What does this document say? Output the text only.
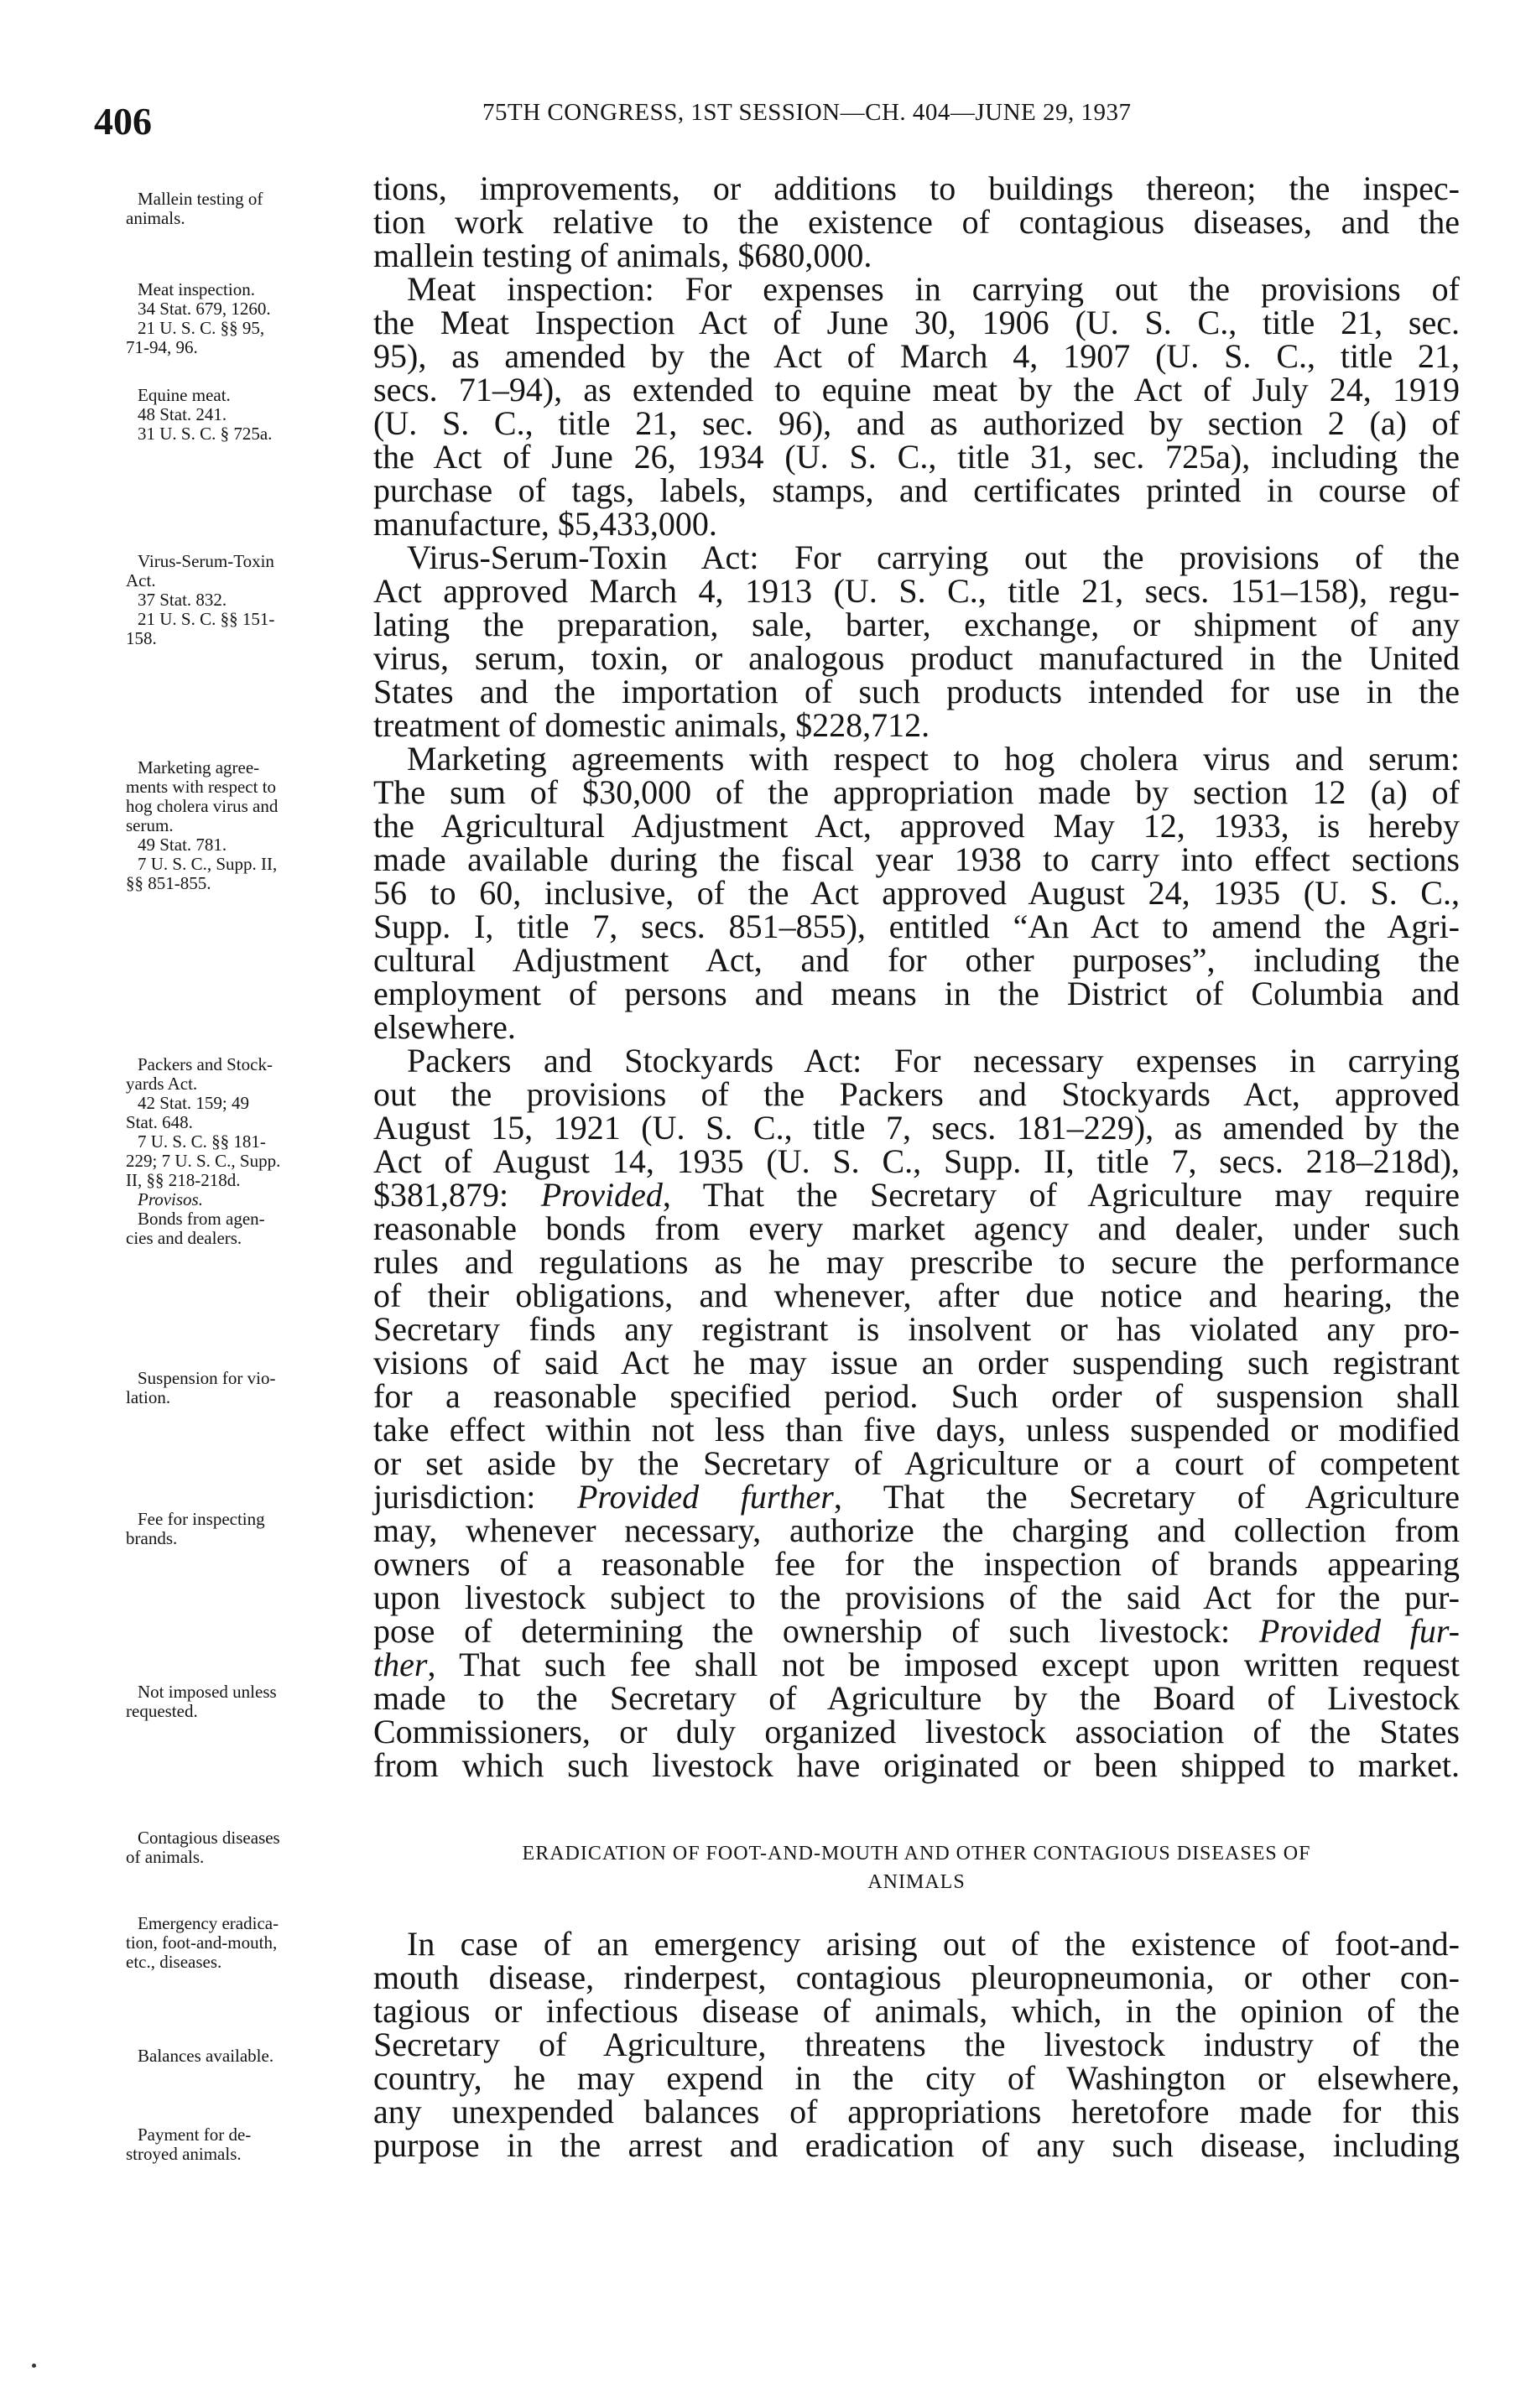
406	75TH CONGRESS, 1ST SESSION—CH. 404—JUNE 29, 1937
Mallein testing of
animals.
Meat inspection.
34 Stat. 679, 1260.
21 U. S. C. §§ 95,
71-94, 96.
Equine meat.
48 Stat. 241.
31 U. S. C. § 725a.
Virus-Serum-Toxin
Act.
37 Stat. 832.
21 U. S. C. §§ 151-
158.
Marketing agree-
ments with respect to
hog cholera virus and
serum.
49 Stat. 781.
7 U. S. C., Supp. II,
§§ 851-855.
Packers and Stock-
yards Act.
42 Stat. 159; 49
Stat. 648.
7 U. S. C. §§ 181-
229; 7 U. S. C., Supp.
II, §§ 218-218d.
Provisos.
Bonds from agen-
cies and dealers.
Suspension for vio-
lation.
Fee for inspecting
brands.
Not imposed unless
requested.
Contagious diseases
of animals.
Emergency eradica-
tion, foot-and-mouth,
etc., diseases.
Balances available.
Payment for de-
stroyed animals.
tions, improvements, or additions to buildings thereon; the inspec-
tion work relative to the existence of contagious diseases, and the
mallein testing of animals, $680,000.
Meat inspection: For expenses in carrying out the provisions of
the Meat Inspection Act of June 30, 1906 (U. S. C., title 21, sec.
95), as amended by the Act of March 4, 1907 (U. S. C., title 21,
secs. 71–94), as extended to equine meat by the Act of July 24, 1919
(U. S. C., title 21, sec. 96), and as authorized by section 2 (a) of
the Act of June 26, 1934 (U. S. C., title 31, sec. 725a), including the
purchase of tags, labels, stamps, and certificates printed in course of
manufacture, $5,433,000.
Virus-Serum-Toxin Act: For carrying out the provisions of the
Act approved March 4, 1913 (U. S. C., title 21, secs. 151–158), regu-
lating the preparation, sale, barter, exchange, or shipment of any
virus, serum, toxin, or analogous product manufactured in the United
States and the importation of such products intended for use in the
treatment of domestic animals, $228,712.
Marketing agreements with respect to hog cholera virus and serum:
The sum of $30,000 of the appropriation made by section 12 (a) of
the Agricultural Adjustment Act, approved May 12, 1933, is hereby
made available during the fiscal year 1938 to carry into effect sections
56 to 60, inclusive, of the Act approved August 24, 1935 (U. S. C.,
Supp. I, title 7, secs. 851–855), entitled “An Act to amend the Agri-
cultural Adjustment Act, and for other purposes”, including the
employment of persons and means in the District of Columbia and
elsewhere.
Packers and Stockyards Act: For necessary expenses in carrying
out the provisions of the Packers and Stockyards Act, approved
August 15, 1921 (U. S. C., title 7, secs. 181–229), as amended by the
Act of August 14, 1935 (U. S. C., Supp. II, title 7, secs. 218–218d),
$381,879: Provided, That the Secretary of Agriculture may require
reasonable bonds from every market agency and dealer, under such
rules and regulations as he may prescribe to secure the performance
of their obligations, and whenever, after due notice and hearing, the
Secretary finds any registrant is insolvent or has violated any pro-
visions of said Act he may issue an order suspending such registrant
for a reasonable specified period. Such order of suspension shall
take effect within not less than five days, unless suspended or modified
or set aside by the Secretary of Agriculture or a court of competent
jurisdiction: Provided further, That the Secretary of Agriculture
may, whenever necessary, authorize the charging and collection from
owners of a reasonable fee for the inspection of brands appearing
upon livestock subject to the provisions of the said Act for the pur-
pose of determining the ownership of such livestock: Provided fur-
ther, That such fee shall not be imposed except upon written request
made to the Secretary of Agriculture by the Board of Livestock
Commissioners, or duly organized livestock association of the States
from which such livestock have originated or been shipped to market.
ERADICATION OF FOOT-AND-MOUTH AND OTHER CONTAGIOUS DISEASES OF
ANIMALS
In case of an emergency arising out of the existence of foot-and-
mouth disease, rinderpest, contagious pleuropneumonia, or other con-
tagious or infectious disease of animals, which, in the opinion of the
Secretary of Agriculture, threatens the livestock industry of the
country, he may expend in the city of Washington or elsewhere,
any unexpended balances of appropriations heretofore made for this
purpose in the arrest and eradication of any such disease, including
